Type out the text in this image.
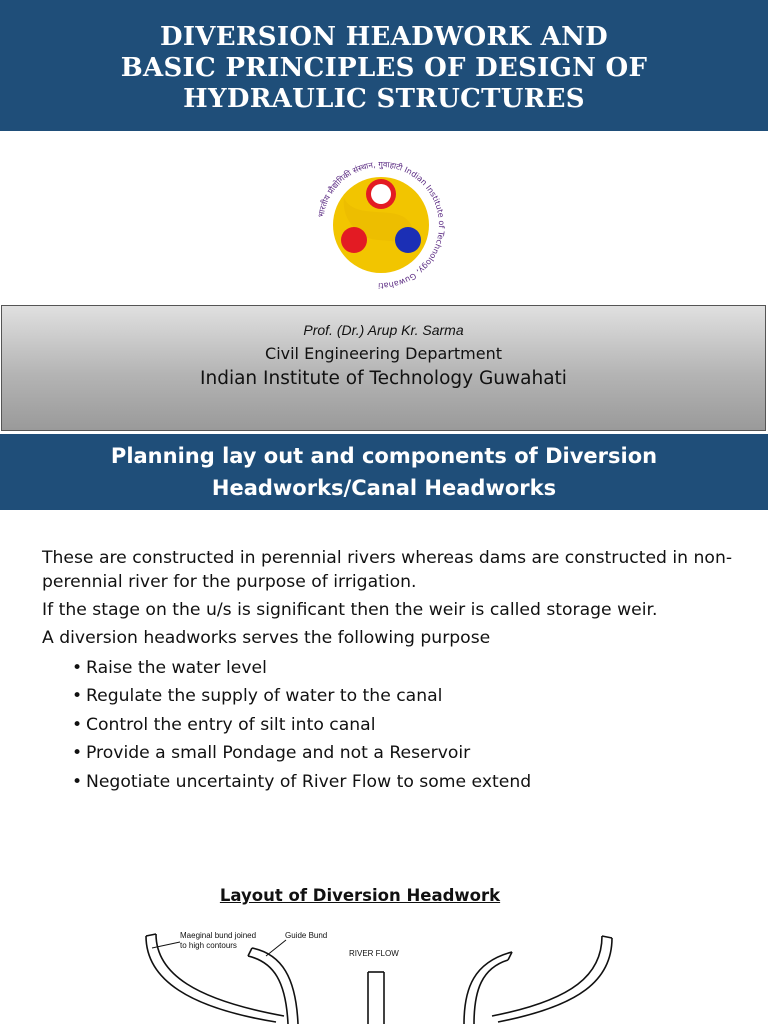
DIVERSION HEADWORK AND
BASIC PRINCIPLES OF DESIGN OF
HYDRAULIC STRUCTURES
भारतीय प्रौद्योगिकी संस्थान, गुवाहाटी Indian Institute of Technology, Guwahati
Prof. (Dr.) Arup Kr. Sarma
Civil Engineering Department
Indian Institute of Technology Guwahati
Planning lay out and components of Diversion
Headworks/Canal Headworks

These are constructed in perennial rivers whereas dams are constructed in non-perennial river for the purpose of irrigation.

If the stage on the u/s is significant then the weir is called storage weir.

A diversion headworks serves the following purpose

• Raise the water level
• Regulate the supply of water to the canal
• Control the entry of silt into canal
• Provide a small Pondage and not a Reservoir
• Negotiate uncertainty of River Flow to some extend
Layout of Diversion Headwork
Maeginal bund joined
to high contours
Guide Bund
RIVER FLOW
